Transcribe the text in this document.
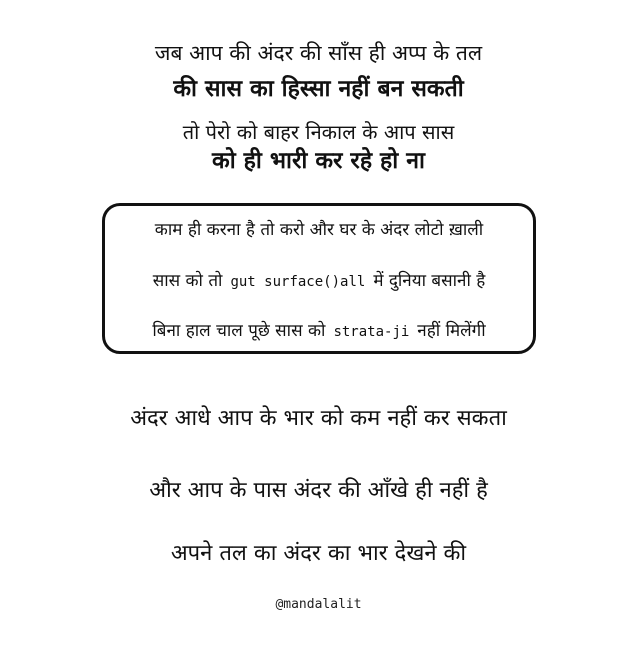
जब आप की अंदर की साँस ही अप्प के तल
की सास का हिस्सा नहीं बन सकती
तो पेरो को बाहर निकाल के आप सास
को ही भारी कर रहे हो ना
काम ही करना है तो करो और घर के अंदर लोटो ख़ाली
सास को तो gut surface()all में दुनिया बसानी है
बिना हाल चाल पूछे सास को strata-ji नहीं मिलेंगी
अंदर आधे आप के भार को कम नहीं कर सकता
और आप के पास अंदर की आँखे ही नहीं है
अपने तल का अंदर का भार देखने की
@mandalalit
